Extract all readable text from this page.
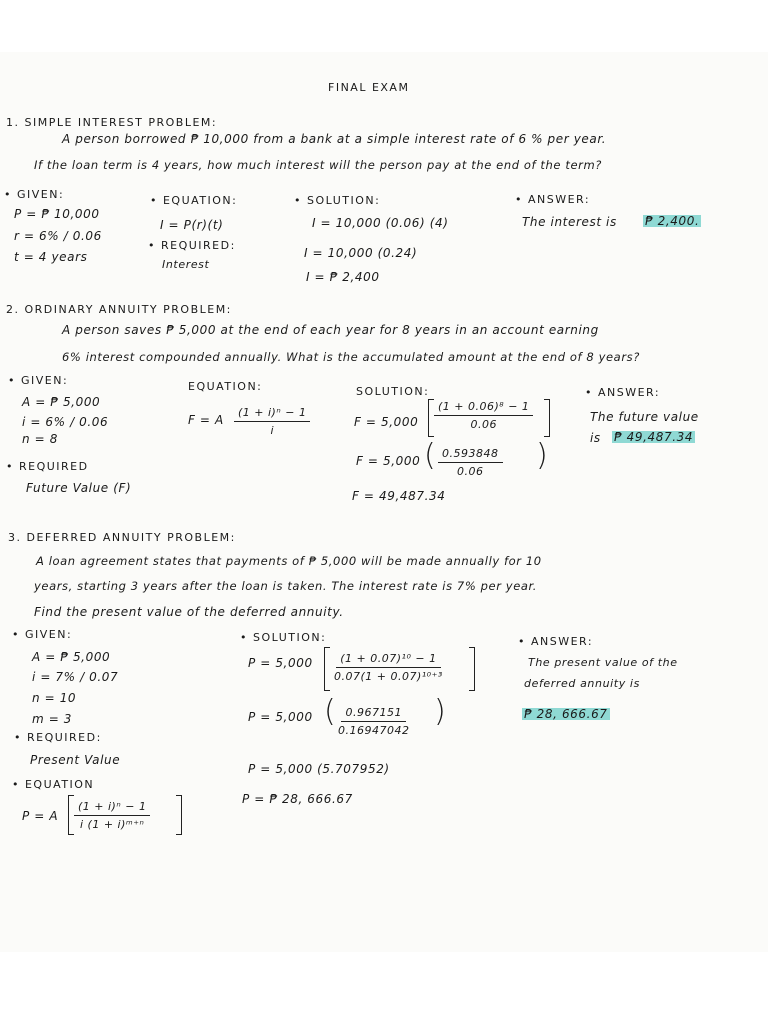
FINAL EXAM
1. SIMPLE INTEREST PROBLEM:
A person borrowed ₱ 10,000 from a bank at a simple interest rate of 6 % per year.
If the loan term is 4 years, how much interest will the person pay at the end of the term?
• GIVEN:
P = ₱ 10,000
r = 6% / 0.06
t = 4 years
• EQUATION:
I = P(r)(t)
• REQUIRED:
Interest
• SOLUTION:
I = 10,000 (0.06) (4)
I = 10,000 (0.24)
I = ₱ 2,400
• ANSWER:
The interest is ₱ 2,400.
2. ORDINARY ANNUITY PROBLEM:
A person saves ₱ 5,000 at the end of each year for 8 years in an account earning
6% interest compounded annually. What is the accumulated amount at the end of 8 years?
• GIVEN:
A = ₱ 5,000
i = 6% / 0.06
n = 8
• REQUIRED
Future Value (F)
EQUATION:
F = A $\frac{\text{(1 + i)ⁿ − 1}}{i}$
SOLUTION:
$F = 5,000 \frac{\text{(1 + 0.06)⁸ − 1}}{0.06}$
F = 5,000 ( $\frac{0.593848}{0.06}$ )
F = 49,487.34
• ANSWER:
The future value
is ₱ 49,487.34
3. DEFERRED ANNUITY PROBLEM:
A loan agreement states that payments of ₱ 5,000 will be made annually for 10
years, starting 3 years after the loan is taken. The interest rate is 7% per year.
Find the present value of the deferred annuity.
• GIVEN:
A = ₱ 5,000
i = 7% / 0.07
n = 10
m = 3
• REQUIRED:
Present Value
• EQUATION
P = A $\frac{\text{(1 + i)ⁿ − 1}}{\text{i (1 + i)ᵐ⁺ⁿ}}$
• SOLUTION:
$P = 5,000 \frac{\text{(1 + 0.07)¹⁰ − 1}}{\text{0.07(1 + 0.07)¹⁰⁺³}}$
P = 5,000 ( $\frac{0.967151}{0.16947042}$ )
P = 5,000 (5.707952)
P = ₱ 28, 666.67
• ANSWER:
The present value of the
deferred annuity is
₱ 28, 666.67
